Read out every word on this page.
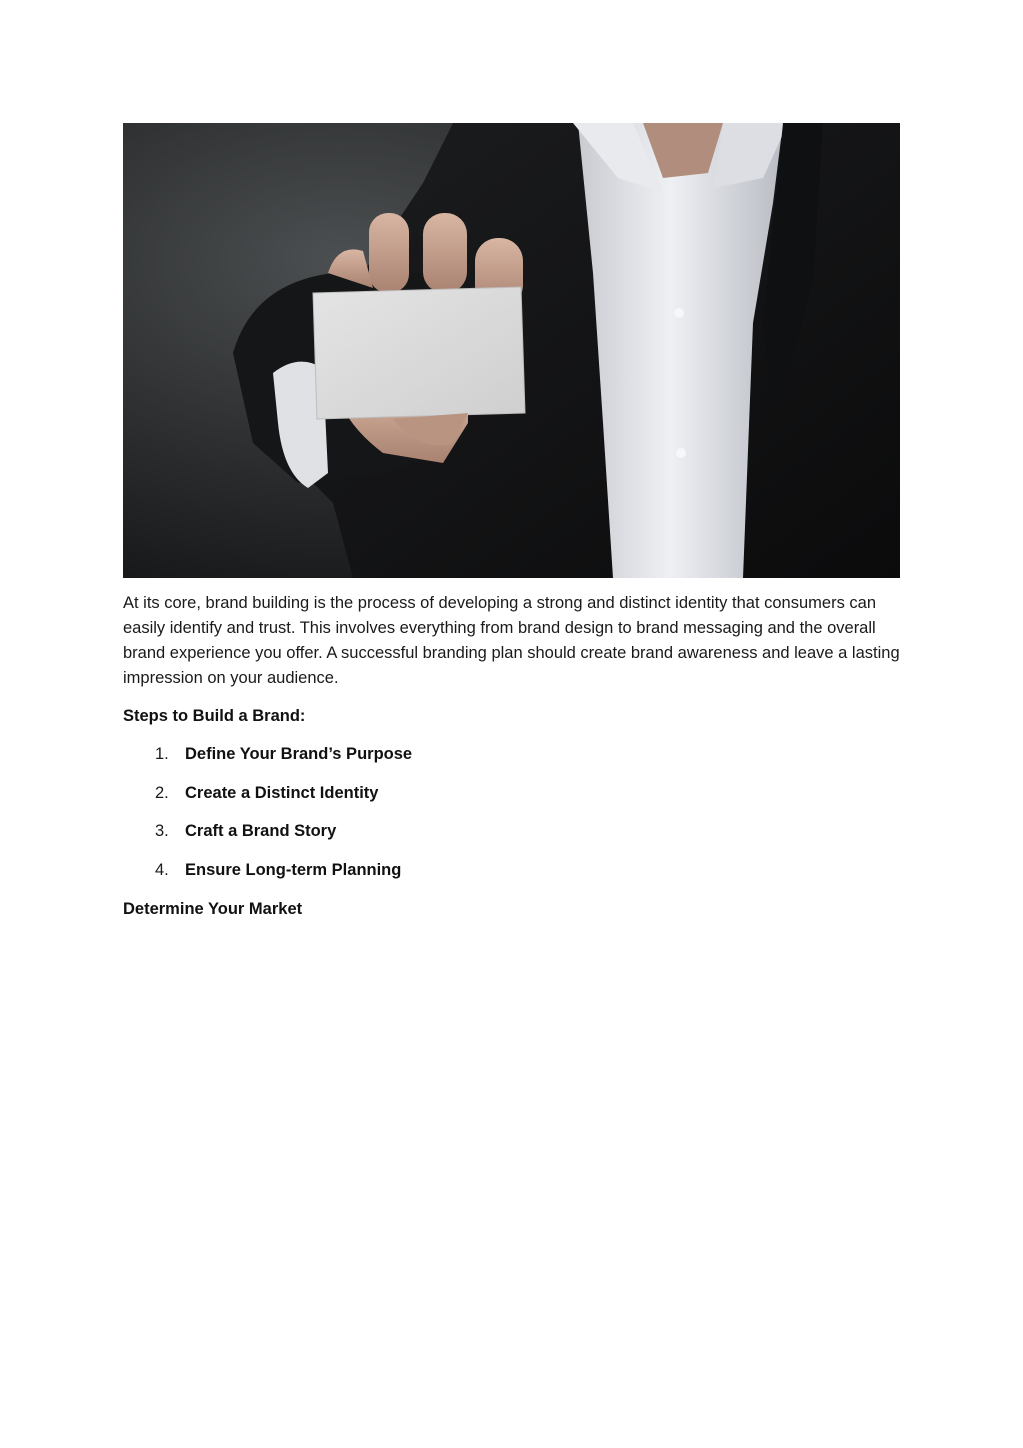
At its core, brand building is the process of developing a strong and distinct identity that consumers can easily identify and trust. This involves everything from brand design to brand messaging and the overall brand experience you offer. A successful branding plan should create brand awareness and leave a lasting impression on your audience.

Steps to Build a Brand:

1. Define Your Brand’s Purpose
2. Create a Distinct Identity
3. Craft a Brand Story
4. Ensure Long-term Planning

Determine Your Market
